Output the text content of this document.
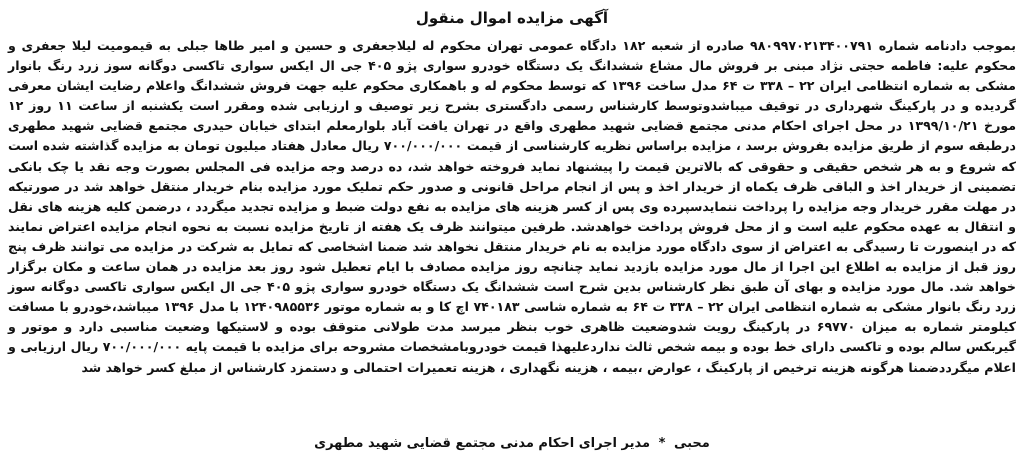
آگهی مزایده اموال منقول

بموجب دادنامه شماره ۹۸۰۹۹۷۰۲۱۳۴۰۰۷۹۱ صادره از شعبه ۱۸۲ دادگاه عمومی تهران محکوم له لیلاجعفری و حسین و امیر طاها جبلی به قیمومیت لیلا جعفری و محکوم علیه: فاطمه حجتی نژاد مبنی بر فروش مال مشاع ششدانگ یک دستگاه خودرو سواری پژو ۴۰۵ جی ال ایکس سواری تاکسی دوگانه سوز زرد رنگ بانوار مشکی به شماره انتظامی ایران ۲۲ – ۳۳۸ ت ۶۴ مدل ساخت ۱۳۹۶ که توسط محکوم له و باهمکاری محکوم علیه جهت فروش ششدانگ واعلام رضایت ایشان معرفی گردیده و در پارکینگ شهرداری در توقیف میباشدوتوسط کارشناس رسمی دادگستری بشرح زیر توصیف و ارزیابی شده ومقرر است یکشنبه از ساعت ۱۱ روز ۱۲ مورخ ۱۳۹۹/۱۰/۲۱ در محل اجرای احکام مدنی مجتمع قضایی شهید مطهری واقع در تهران یافت آباد بلوارمعلم ابتدای خیابان حیدری مجتمع قضایی شهید مطهری درطبقه سوم از طریق مزایده بفروش برسد ، مزایده براساس نظریه کارشناسی از قیمت ۷۰۰/۰۰۰/۰۰۰ ریال معادل هفتاد میلیون تومان به مزایده گذاشته شده است که شروع و به هر شخص حقیقی و حقوقی که بالاترین قیمت را پیشنهاد نماید فروخته خواهد شد، ده درصد وجه مزایده فی المجلس بصورت وجه نقد یا چک بانکی تضمینی از خریدار اخذ و الباقی ظرف یکماه از خریدار اخذ و پس از انجام مراحل قانونی و صدور حکم تملیک مورد مزایده بنام خریدار منتقل خواهد شد در صورتیکه در مهلت مقرر خریدار وجه مزایده را پرداخت ننمایدسپرده وی پس از کسر هزینه های مزایده به نفع دولت ضبط و مزایده تجدید میگردد ، درضمن کلیه هزینه های نقل و انتقال به عهده محکوم علیه است و از محل فروش پرداخت خواهدشد. طرفین میتوانند ظرف یک هفته از تاریخ مزایده نسبت به نحوه انجام مزایده اعتراض نمایند که در اینصورت تا رسیدگی به اعتراض از سوی دادگاه مورد مزایده به نام خریدار منتقل نخواهد شد ضمنا اشخاصی که تمایل به شرکت در مزایده می توانند ظرف پنج روز قبل از مزایده به اطلاع این اجرا از مال مورد مزایده بازدید نماید چنانچه روز مزایده مصادف با ایام تعطیل شود روز بعد مزایده در همان ساعت و مکان برگزار خواهد شد. مال مورد مزایده و بهای آن طبق نظر کارشناس بدین شرح است ششدانگ یک دستگاه خودرو سواری پژو ۴۰۵ جی ال ایکس سواری تاکسی دوگانه سوز زرد رنگ بانوار مشکی به شماره انتظامی ایران ۲۲ – ۳۳۸ ت ۶۴ به شماره شاسی ۷۴۰۱۸۳ اچ کا و به شماره موتور ۱۲۴۰۹۸۵۵۳۶ با مدل ۱۳۹۶ میباشد،خودرو با مسافت کیلومتر شماره به میزان ۶۹۷۷۰ در پارکینگ رویت شدوضعیت ظاهری خوب بنظر میرسد مدت طولانی متوقف بوده و لاستیکها وضعیت مناسبی دارد و موتور و گیربکس سالم بوده و تاکسی دارای خط بوده و بیمه شخص ثالث نداردعلیهذا قیمت خودروبامشخصات مشروحه برای مزایده با قیمت پایه ۷۰۰/۰۰۰/۰۰۰ ریال ارزیابی و اعلام میگرددضمنا هرگونه هزینه ترخیص از پارکینگ ، عوارض ،بیمه ، هزینه نگهداری ، هزینه تعمیرات احتمالی و دستمزد کارشناس از مبلغ کسر خواهد شد

محبی * مدیر اجرای احکام مدنی مجتمع قضایی شهید مطهری
